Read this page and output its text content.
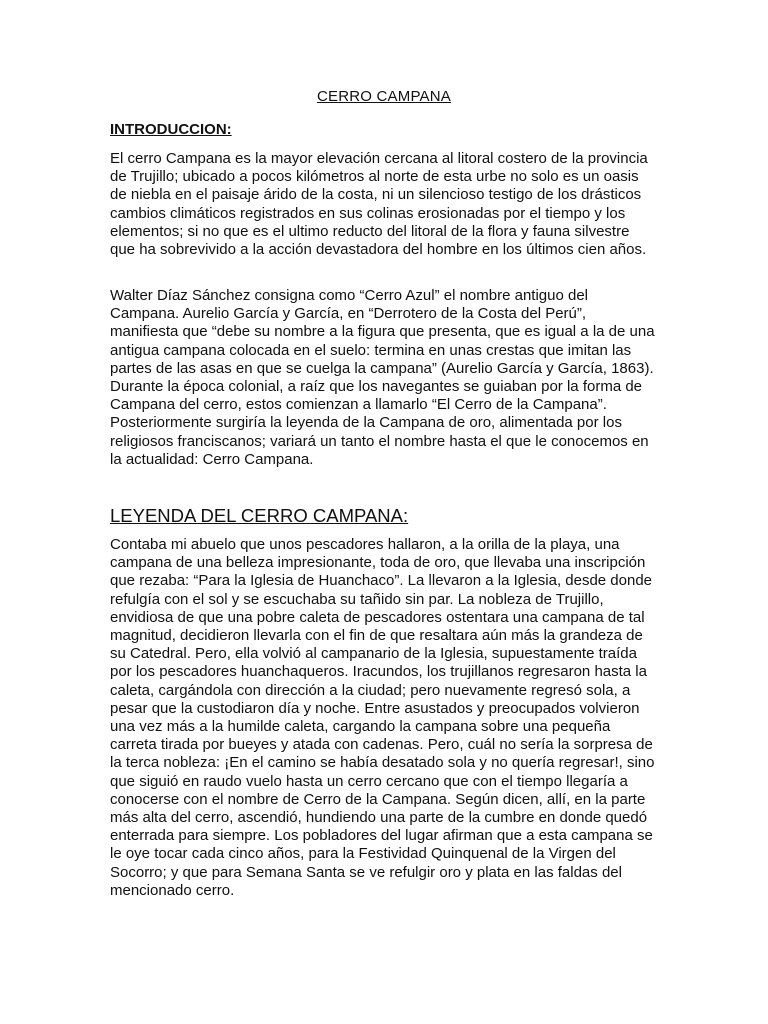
CERRO CAMPANA
INTRODUCCION:

El cerro Campana es la mayor elevación cercana al litoral costero de la provincia de Trujillo; ubicado a pocos kilómetros al norte de esta urbe no solo es un oasis de niebla en el paisaje árido de la costa, ni un silencioso testigo de los drásticos cambios climáticos registrados en sus colinas erosionadas por el tiempo y los elementos; si no que es el ultimo reducto del litoral de la flora y fauna silvestre que ha sobrevivido a la acción devastadora del hombre en los últimos cien años.

Walter Díaz Sánchez consigna como “Cerro Azul” el nombre antiguo del Campana. Aurelio García y García, en “Derrotero de la Costa del Perú”, manifiesta que “debe su nombre a la figura que presenta, que es igual a la de una antigua campana colocada en el suelo: termina en unas crestas que imitan las partes de las asas en que se cuelga la campana” (Aurelio García y García, 1863). Durante la época colonial, a raíz que los navegantes se guiaban por la forma de Campana del cerro, estos comienzan a llamarlo “El Cerro de la Campana”. Posteriormente surgiría la leyenda de la Campana de oro, alimentada por los religiosos franciscanos; variará un tanto el nombre hasta el que le conocemos en la actualidad: Cerro Campana.

LEYENDA DEL CERRO CAMPANA:

Contaba mi abuelo que unos pescadores hallaron, a la orilla de la playa, una campana de una belleza impresionante, toda de oro, que llevaba una inscripción que rezaba: “Para la Iglesia de Huanchaco”. La llevaron a la Iglesia, desde donde refulgía con el sol y se escuchaba su tañido sin par. La nobleza de Trujillo, envidiosa de que una pobre caleta de pescadores ostentara una campana de tal magnitud, decidieron llevarla con el fin de que resaltara aún más la grandeza de su Catedral. Pero, ella volvió al campanario de la Iglesia, supuestamente traída por los pescadores huanchaqueros. Iracundos, los trujillanos regresaron hasta la caleta, cargándola con dirección a la ciudad; pero nuevamente regresó sola, a pesar que la custodiaron día y noche. Entre asustados y preocupados volvieron una vez más a la humilde caleta, cargando la campana sobre una pequeña carreta tirada por bueyes y atada con cadenas. Pero, cuál no sería la sorpresa de la terca nobleza: ¡En el camino se había desatado sola y no quería regresar!, sino que siguió en raudo vuelo hasta un cerro cercano que con el tiempo llegaría a conocerse con el nombre de Cerro de la Campana. Según dicen, allí, en la parte más alta del cerro, ascendió, hundiendo una parte de la cumbre en donde quedó enterrada para siempre. Los pobladores del lugar afirman que a esta campana se le oye tocar cada cinco años, para la Festividad Quinquenal de la Virgen del Socorro; y que para Semana Santa se ve refulgir oro y plata en las faldas del mencionado cerro.
